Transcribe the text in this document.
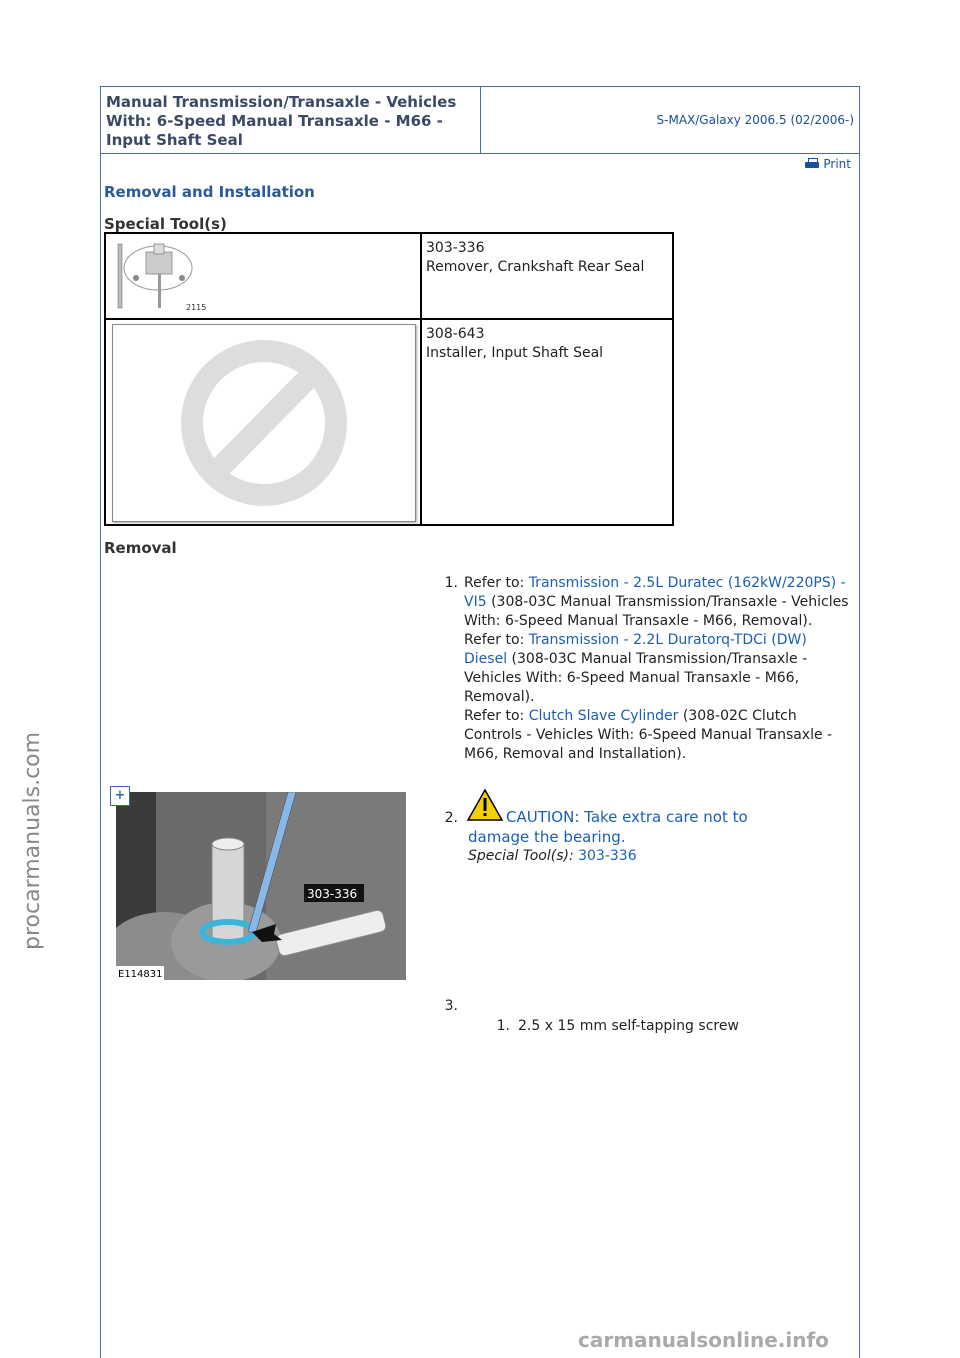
Manual Transmission/Transaxle - Vehicles With: 6-Speed Manual Transaxle - M66 - Input Shaft Seal
S-MAX/Galaxy 2006.5 (02/2006-)
Print
Removal and Installation
Special Tool(s)
2115
303-336
Remover, Crankshaft Rear Seal
308-643
Installer, Input Shaft Seal
Removal
1. Refer to: Transmission - 2.5L Duratec (162kW/220PS) - VI5 (308-03C Manual Transmission/Transaxle - Vehicles With: 6-Speed Manual Transaxle - M66, Removal).
Refer to: Transmission - 2.2L Duratorq-TDCi (DW) Diesel (308-03C Manual Transmission/Transaxle - Vehicles With: 6-Speed Manual Transaxle - M66, Removal).
Refer to: Clutch Slave Cylinder (308-02C Clutch Controls - Vehicles With: 6-Speed Manual Transaxle - M66, Removal and Installation).
303-336
E114831
+
2.	CAUTION: Take extra care not to damage the bearing.
Special Tool(s): 303-336
3.
1. 2.5 x 15 mm self-tapping screw
procarmanuals.com
carmanualsonline.info
